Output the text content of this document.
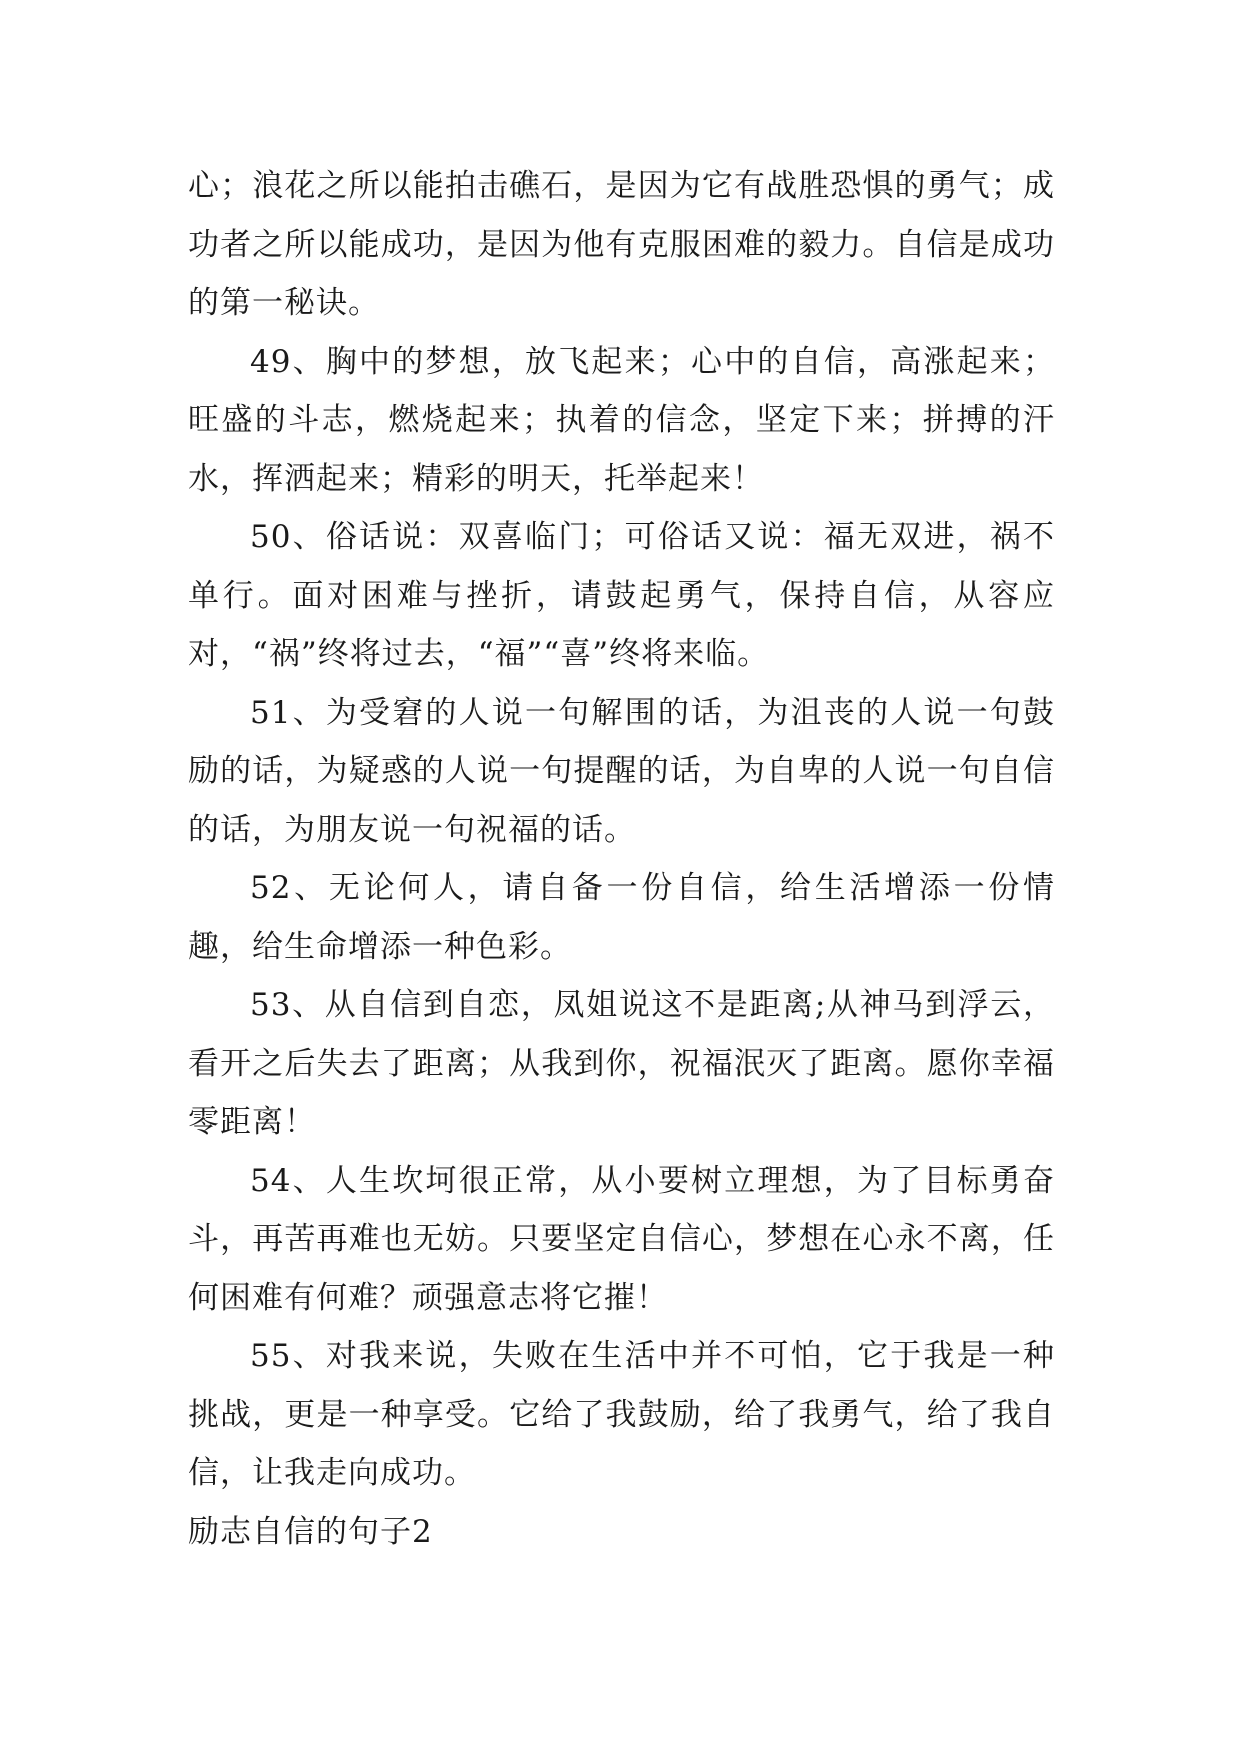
心；浪花之所以能拍击礁石，是因为它有战胜恐惧的勇气；成功者之所以能成功，是因为他有克服困难的毅力。自信是成功的第一秘诀。

49、胸中的梦想，放飞起来；心中的自信，高涨起来；旺盛的斗志，燃烧起来；执着的信念，坚定下来；拼搏的汗水，挥洒起来；精彩的明天，托举起来！

50、俗话说：双喜临门；可俗话又说：福无双进，祸不单行。面对困难与挫折，请鼓起勇气，保持自信，从容应对，“祸”终将过去，“福”“喜”终将来临。

51、为受窘的人说一句解围的话，为沮丧的人说一句鼓励的话，为疑惑的人说一句提醒的话，为自卑的人说一句自信的话，为朋友说一句祝福的话。

52、无论何人，请自备一份自信，给生活增添一份情趣，给生命增添一种色彩。

53、从自信到自恋，凤姐说这不是距离;从神马到浮云，看开之后失去了距离；从我到你，祝福泯灭了距离。愿你幸福零距离！

54、人生坎坷很正常，从小要树立理想，为了目标勇奋斗，再苦再难也无妨。只要坚定自信心，梦想在心永不离，任何困难有何难？顽强意志将它摧！

55、对我来说，失败在生活中并不可怕，它于我是一种挑战，更是一种享受。它给了我鼓励，给了我勇气，给了我自信，让我走向成功。

励志自信的句子2
